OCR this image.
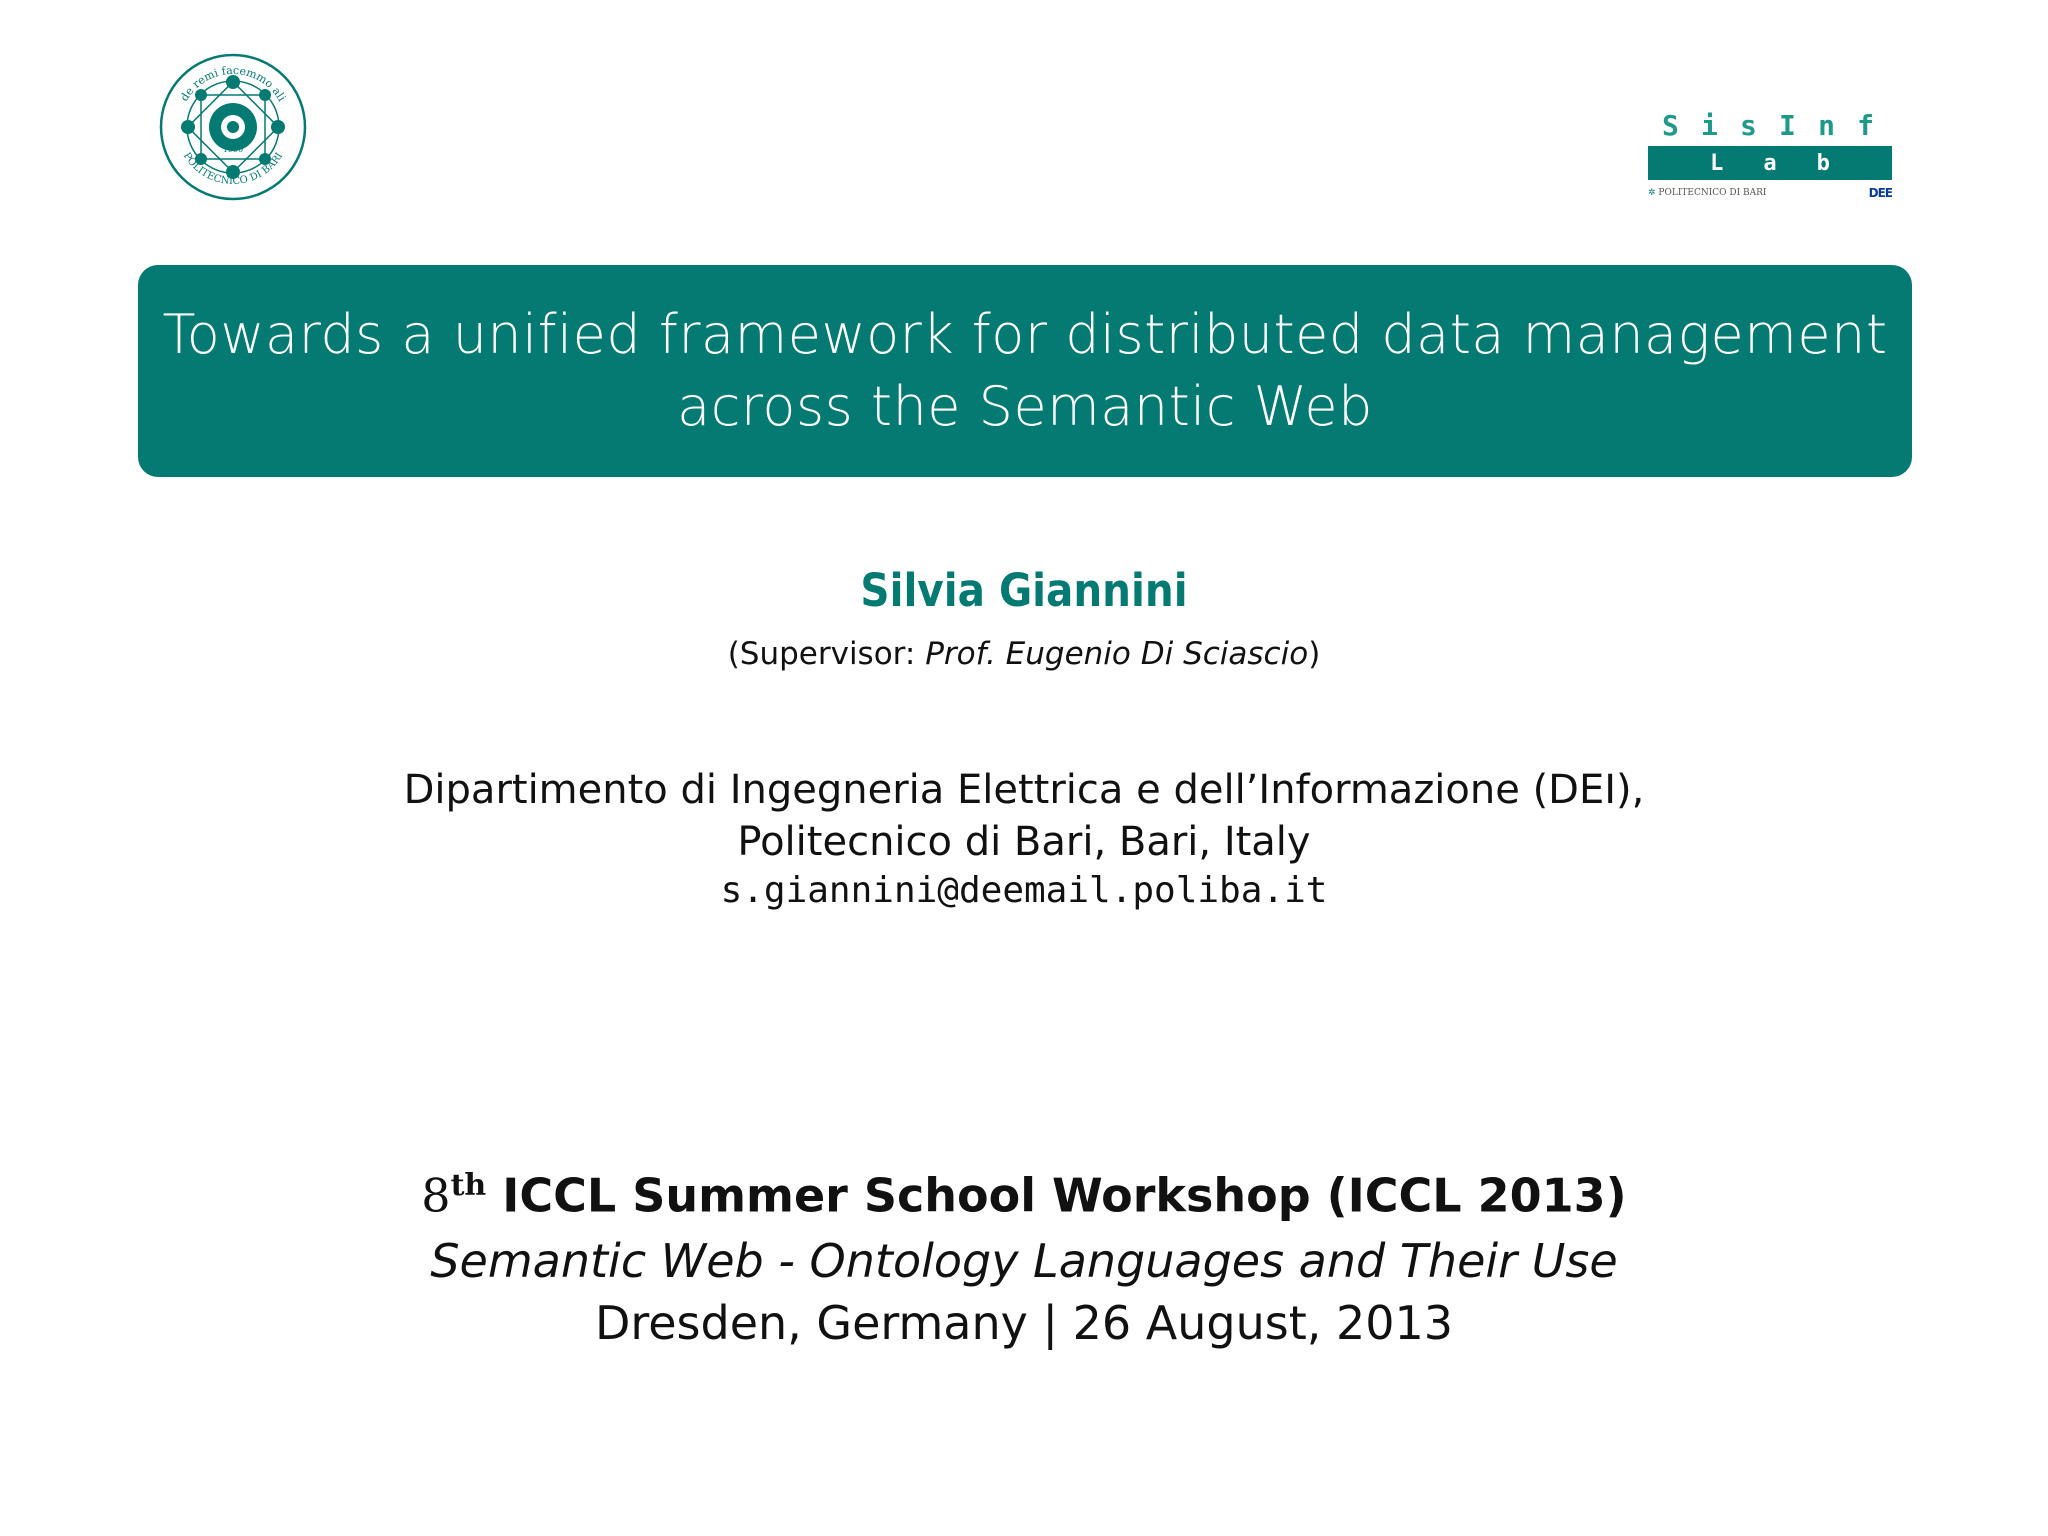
de remi facemmo ali
POLITECNICO DI BARI
1990
S i s I n f
L a b
✲ POLITECNICO DI BARI	DEE
Towards a unified framework for distributed data management
across the Semantic Web
Silvia Giannini
(Supervisor: Prof. Eugenio Di Sciascio)
Dipartimento di Ingegneria Elettrica e dell’Informazione (DEI),
Politecnico di Bari, Bari, Italy
s.giannini@deemail.poliba.it
8th ICCL Summer School Workshop (ICCL 2013)
Semantic Web - Ontology Languages and Their Use
Dresden, Germany | 26 August, 2013
